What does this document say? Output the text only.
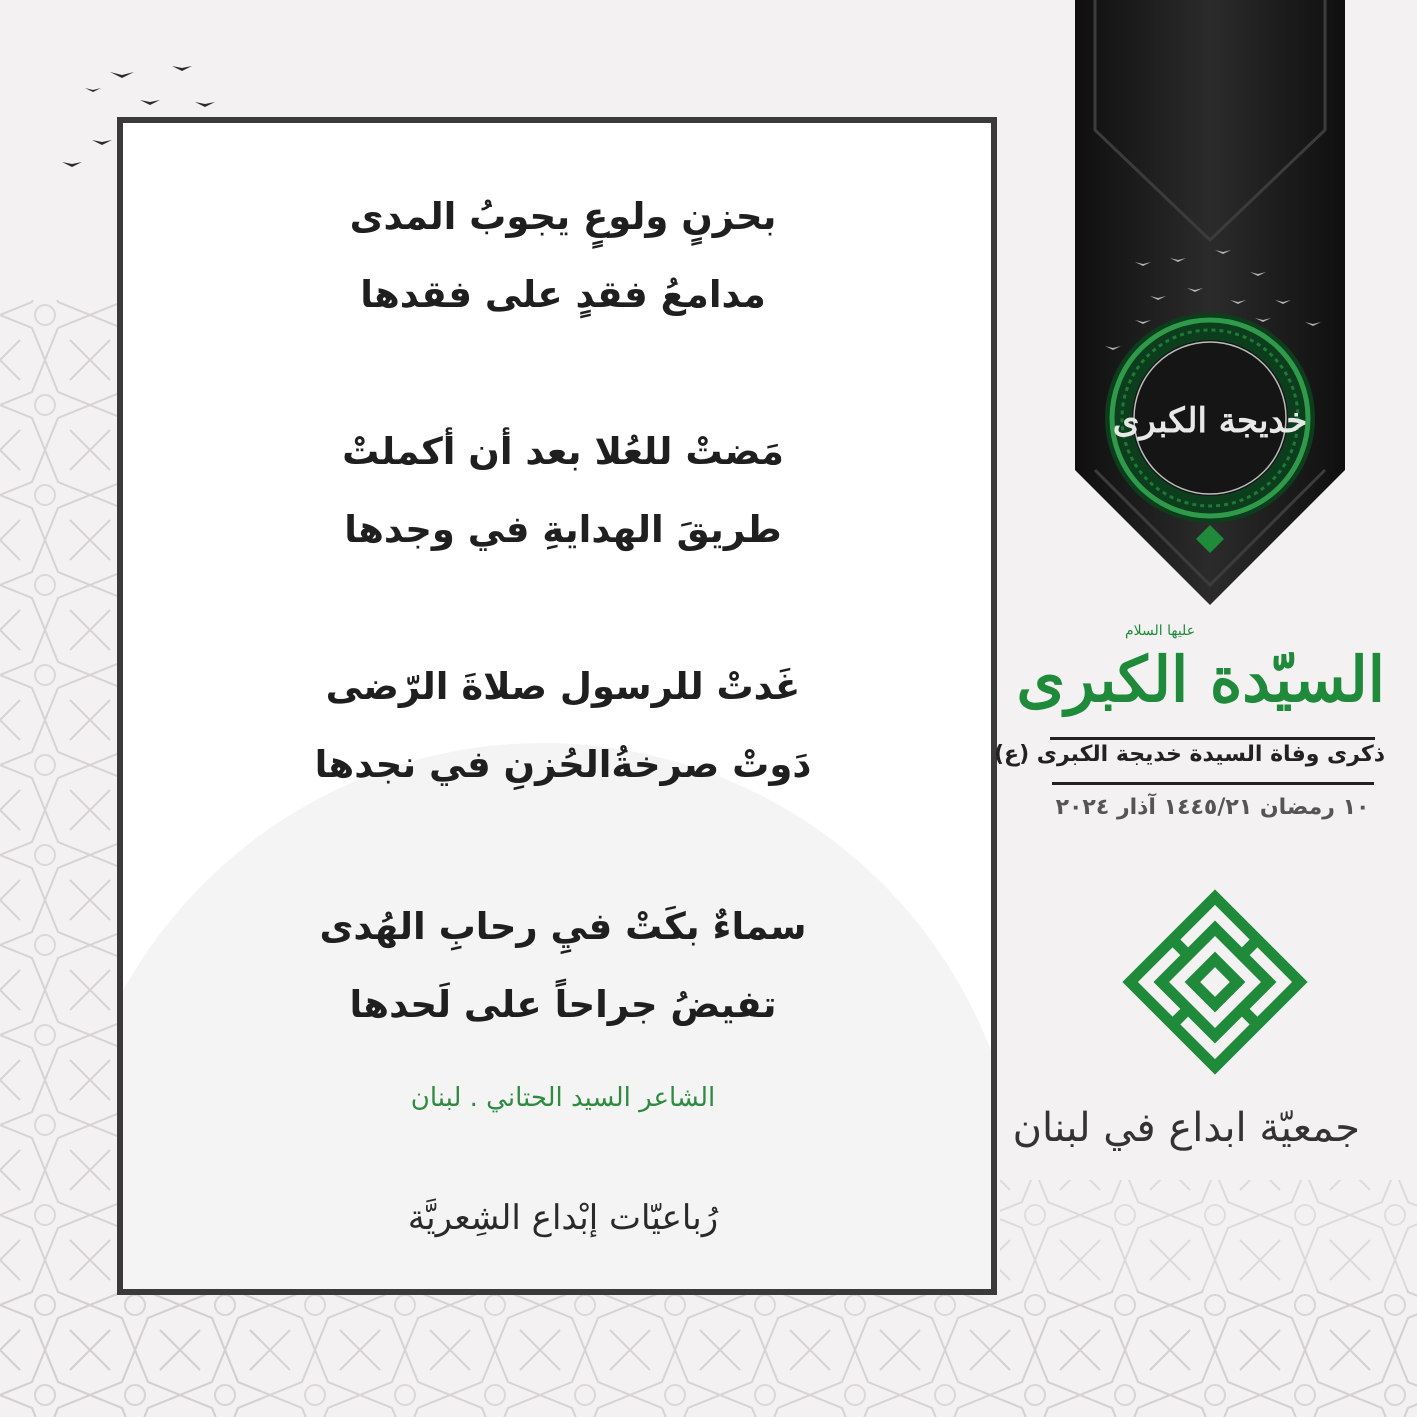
بحزنٍ ولوعٍ يجوبُ المدى
مدامعُ فقدٍ على فقدها
مَضتْ للعُلا بعد أن أكملتْ
طريقَ الهدايةِ في وجدها
غَدتْ للرسول صلاةَ الرّضى
دَوتْ صرخةُالحُزنِ في نجدها
سماءٌ بكَتْ فيِ رحابِ الهُدى
تفيضُ جراحاً على لَحدها
الشاعر السيد الحتاني . لبنان
رُباعيّات إبْداع الشِعريَّة
خديجة الكبرى
عليها السلام
السيّدة الكبرى
ذكرى وفاة السيدة خديجة الكبرى (ع)
١٠ رمضان ١٤٤٥/٢١ آذار ٢٠٢٤
جمعيّة ابداع في لبنان
